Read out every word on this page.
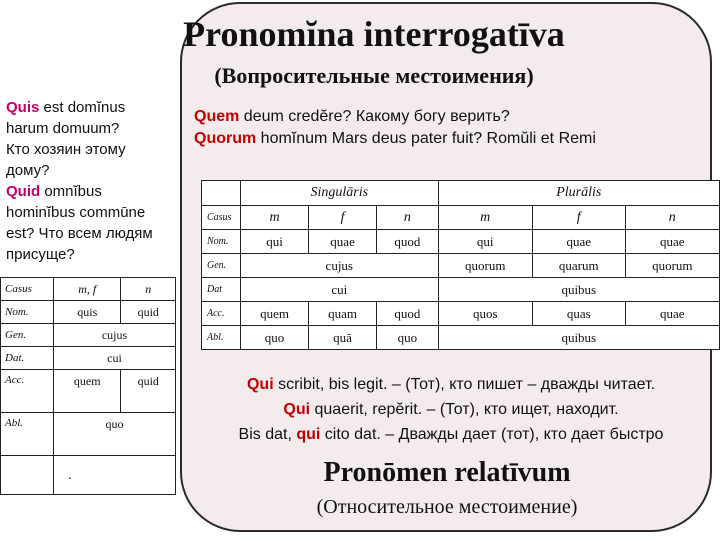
Pronomĭna interrogatīva
(Вопросительные местоимения)
Quis est domĭnus
harum domuum?
Кто хозяин этому
дому?
Quid omnĭbus
hominĭbus commūne
est? Что всем людям
присуще?
Quem deum credĕre? Какому богу верить?
Quorum homĭnum Mars deus pater fuit? Romŭli et Remi
Casus	m, f	n
Nom.	quis	quid
Gen.	cujus	
Dat.	cui	
Acc.	quem	quid
Abl.	quo	

.
	Singulāris			Plurālis		
Casus	m	f	n	m	f	n
Nom.	qui	quae	quod	qui	quae	quae
Gen.	cujus			quorum	quarum	quorum
Dat	cui			quibus		
Acc.	quem	quam	quod	quos	quas	quae
Abl.	quo	quā	quo	quibus		
Qui scribit, bis legit. – (Тот), кто пишет – дважды читает.
Qui quaerit, repĕrit. – (Тот), кто ищет, находит.
Bis dat, qui cito dat. – Дважды дает (тот), кто дает быстро
Pronōmen relatīvum
(Относительное местоимение)
